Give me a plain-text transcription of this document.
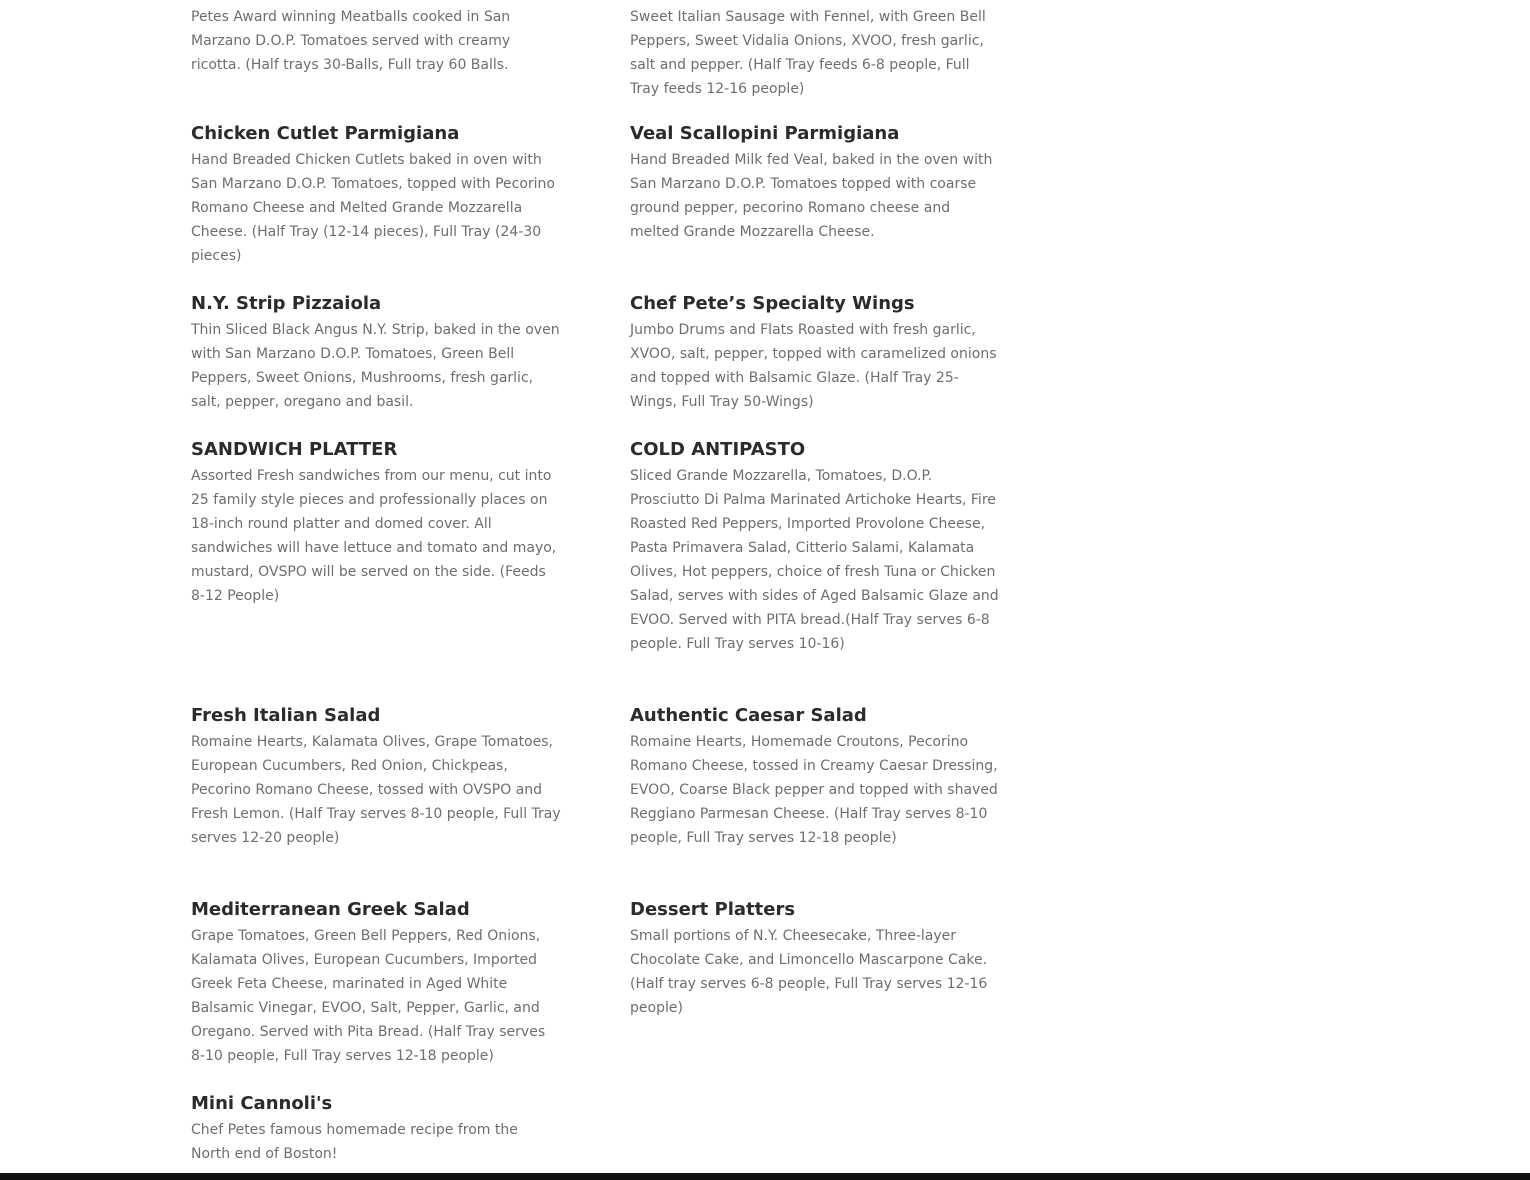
Petes Award winning Meatballs cooked in San Marzano D.O.P. Tomatoes served with creamy ricotta. (Half trays 30-Balls, Full tray 60 Balls.

Chicken Cutlet Parmigiana

Hand Breaded Chicken Cutlets baked in oven with San Marzano D.O.P. Tomatoes, topped with Pecorino Romano Cheese and Melted Grande Mozzarella Cheese. (Half Tray (12-14 pieces), Full Tray (24-30 pieces)

N.Y. Strip Pizzaiola

Thin Sliced Black Angus N.Y. Strip, baked in the oven with San Marzano D.O.P. Tomatoes, Green Bell Peppers, Sweet Onions, Mushrooms, fresh garlic, salt, pepper, oregano and basil.

SANDWICH PLATTER

Assorted Fresh sandwiches from our menu, cut into 25 family style pieces and professionally places on 18-inch round platter and domed cover. All sandwiches will have lettuce and tomato and mayo, mustard, OVSPO will be served on the side. (Feeds 8-12 People)

Fresh Italian Salad

Romaine Hearts, Kalamata Olives, Grape Tomatoes, European Cucumbers, Red Onion, Chickpeas, Pecorino Romano Cheese, tossed with OVSPO and Fresh Lemon. (Half Tray serves 8-10 people, Full Tray serves 12-20 people)

Mediterranean Greek Salad

Grape Tomatoes, Green Bell Peppers, Red Onions, Kalamata Olives, European Cucumbers, Imported Greek Feta Cheese, marinated in Aged White Balsamic Vinegar, EVOO, Salt, Pepper, Garlic, and Oregano. Served with Pita Bread. (Half Tray serves 8-10 people, Full Tray serves 12-18 people)

Mini Cannoli's

Chef Petes famous homemade recipe from the North end of Boston!

Sweet Italian Sausage with Fennel, with Green Bell Peppers, Sweet Vidalia Onions, XVOO, fresh garlic, salt and pepper. (Half Tray feeds 6-8 people, Full Tray feeds 12-16 people)

Veal Scallopini Parmigiana

Hand Breaded Milk fed Veal, baked in the oven with San Marzano D.O.P. Tomatoes topped with coarse ground pepper, pecorino Romano cheese and melted Grande Mozzarella Cheese.

Chef Pete’s Specialty Wings

Jumbo Drums and Flats Roasted with fresh garlic, XVOO, salt, pepper, topped with caramelized onions and topped with Balsamic Glaze. (Half Tray 25-Wings, Full Tray 50-Wings)

COLD ANTIPASTO

Sliced Grande Mozzarella, Tomatoes, D.O.P. Prosciutto Di Palma Marinated Artichoke Hearts, Fire Roasted Red Peppers, Imported Provolone Cheese, Pasta Primavera Salad, Citterio Salami, Kalamata Olives, Hot peppers, choice of fresh Tuna or Chicken Salad, serves with sides of Aged Balsamic Glaze and EVOO. Served with PITA bread.(Half Tray serves 6-8 people. Full Tray serves 10-16)

Authentic Caesar Salad

Romaine Hearts, Homemade Croutons, Pecorino Romano Cheese, tossed in Creamy Caesar Dressing, EVOO, Coarse Black pepper and topped with shaved Reggiano Parmesan Cheese. (Half Tray serves 8-10 people, Full Tray serves 12-18 people)

Dessert Platters

Small portions of N.Y. Cheesecake, Three-layer Chocolate Cake, and Limoncello Mascarpone Cake. (Half tray serves 6-8 people, Full Tray serves 12-16 people)
